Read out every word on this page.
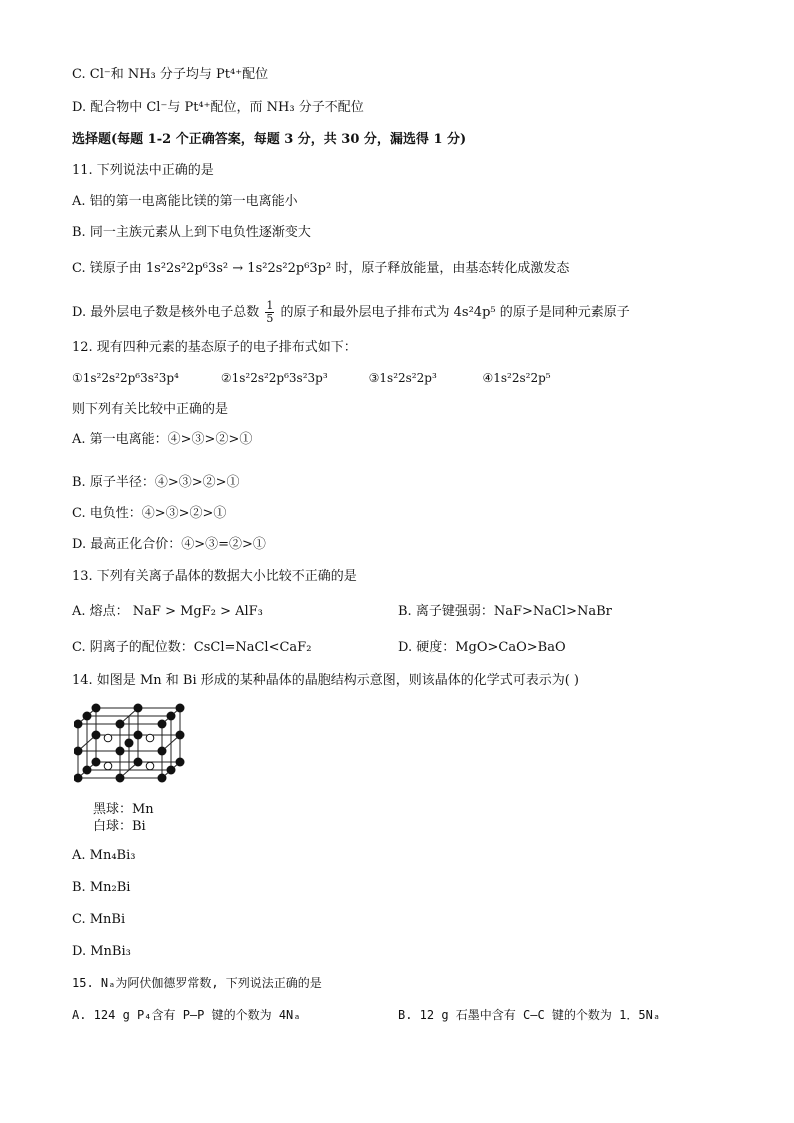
C. Cl⁻和 NH₃ 分子均与 Pt⁴⁺配位
D. 配合物中 Cl⁻与 Pt⁴⁺配位，而 NH₃ 分子不配位
选择题(每题 1-2 个正确答案，每题 3 分，共 30 分，漏选得 1 分)
11. 下列说法中正确的是
A. 铝的第一电离能比镁的第一电离能小
B. 同一主族元素从上到下电负性逐渐变大
C. 镁原子由 1s²2s²2p⁶3s² → 1s²2s²2p⁶3p² 时，原子释放能量，由基态转化成激发态
D. 最外层电子数是核外电子总数 $\frac{1}{5}$ 的原子和最外层电子排布式为 4s²4p⁵ 的原子是同种元素原子
12. 现有四种元素的基态原子的电子排布式如下：
①1s²2s²2p⁶3s²3p⁴	②1s²2s²2p⁶3s²3p³	③1s²2s²2p³	④1s²2s²2p⁵
则下列有关比较中正确的是
A. 第一电离能：④>③>②>①
B. 原子半径：④>③>②>①
C. 电负性：④>③>②>①
D. 最高正化合价：④>③=②>①
13. 下列有关离子晶体的数据大小比较不正确的是
A. 熔点： NaF > MgF₂ > AlF₃	B. 离子键强弱：NaF>NaCl>NaBr
C. 阴离子的配位数：CsCl=NaCl<CaF₂	D. 硬度：MgO>CaO>BaO
14. 如图是 Mn 和 Bi 形成的某种晶体的晶胞结构示意图，则该晶体的化学式可表示为( )
黑球：Mn
白球：Bi
A. Mn₄Bi₃
B. Mn₂Bi
C. MnBi
D. MnBi₃
15. Nₐ为阿伏伽德罗常数, 下列说法正确的是
A. 124 g P₄含有 P—P 键的个数为 4Nₐ	B. 12 g 石墨中含有 C—C 键的个数为 1．5Nₐ
